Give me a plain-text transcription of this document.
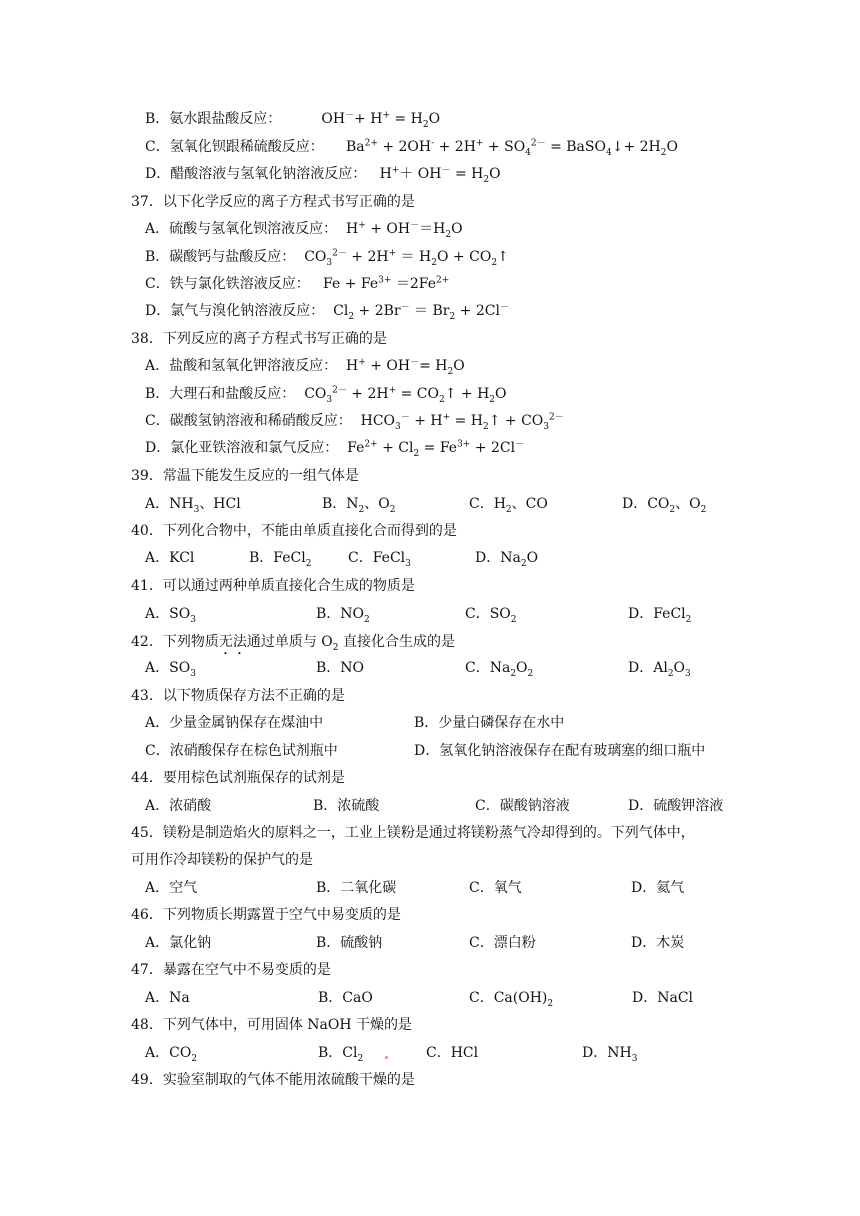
B．氨水跟盐酸反应：         $OH^-+ H^+ = H_2O$
C．氢氧化钡跟稀硫酸反应：     $Ba^{2+} + 2OH^- + 2H^+ + SO_4^{2-}$ = BaSO$_4$↓+ $2H_2O$
D．醋酸溶液与氢氧化钠溶液反应：   $H^++ OH^- = H_2O$
37．以下化学反应的离子方程式书写正确的是
A．硫酸与氢氧化钡溶液反应：  $H^+ + OH^-=H_2O$
B．碳酸钙与盐酸反应：  $CO_3^{2-} + 2H^+ = H_2O$ + $CO_2↑$
C．铁与氯化铁溶液反应：   $Fe + Fe^{3+} =2Fe^{2+}$
D．氯气与溴化钠溶液反应：  $Cl_2 + 2Br^- = Br_2 + 2Cl^-$
38．下列反应的离子方程式书写正确的是
A．盐酸和氢氧化钾溶液反应：  $H^+ + OH^-= H_2O$
B．大理石和盐酸反应：  $CO_3^{2-} + 2H^+$ = $CO_2↑ + H_2O$
C．碳酸氢钠溶液和稀硝酸反应：  $HCO_3^- + H^+$ = $H_2↑ + CO_3^{2-}$
D．氯化亚铁溶液和氯气反应：  $Fe^{2+} + Cl_2 = Fe^{3+} + 2Cl^-$
39．常温下能发生反应的一组气体是
A．$NH_3$、HCl	B．$N_2$、$O_2$	C．$H_2$、CO	D．$CO_2$、$O_2$
40．下列化合物中，不能由单质直接化合而得到的是
A．KCl	B．FeCl$_2$	C．FeCl$_3$	D．$Na_2O$
41．可以通过两种单质直接化合生成的物质是
A．$SO_3$	B．$NO_2$	C．$SO_2$	D．FeCl$_2$
42．下列物质无法通过单质与 $O_2$ 直接化合生成的是
A．$SO_3$	B．NO	C．$Na_2O_2$	D．$Al_2O_3$
43．以下物质保存方法不正确的是
A．少量金属钠保存在煤油中	B．少量白磷保存在水中
C．浓硝酸保存在棕色试剂瓶中	D．氢氧化钠溶液保存在配有玻璃塞的细口瓶中
44．要用棕色试剂瓶保存的试剂是
A．浓硝酸	B．浓硫酸	C．碳酸钠溶液	D．硫酸钾溶液
45．镁粉是制造焰火的原料之一，工业上镁粉是通过将镁粉蒸气冷却得到的。下列气体中，
可用作冷却镁粉的保护气的是
A．空气	B．二氧化碳	C．氧气	D．氦气
46．下列物质长期露置于空气中易变质的是
A．氯化钠	B．硫酸钠	C．漂白粉	D．木炭
47．暴露在空气中不易变质的是
A．Na	B．CaO	C．$Ca(OH)_2$	D．NaCl
48．下列气体中，可用固体 NaOH 干燥的是
A．$CO_2$	B．$Cl_2$	C．HCl	D．$NH_3$
49．实验室制取的气体不能用浓硫酸干燥的是
